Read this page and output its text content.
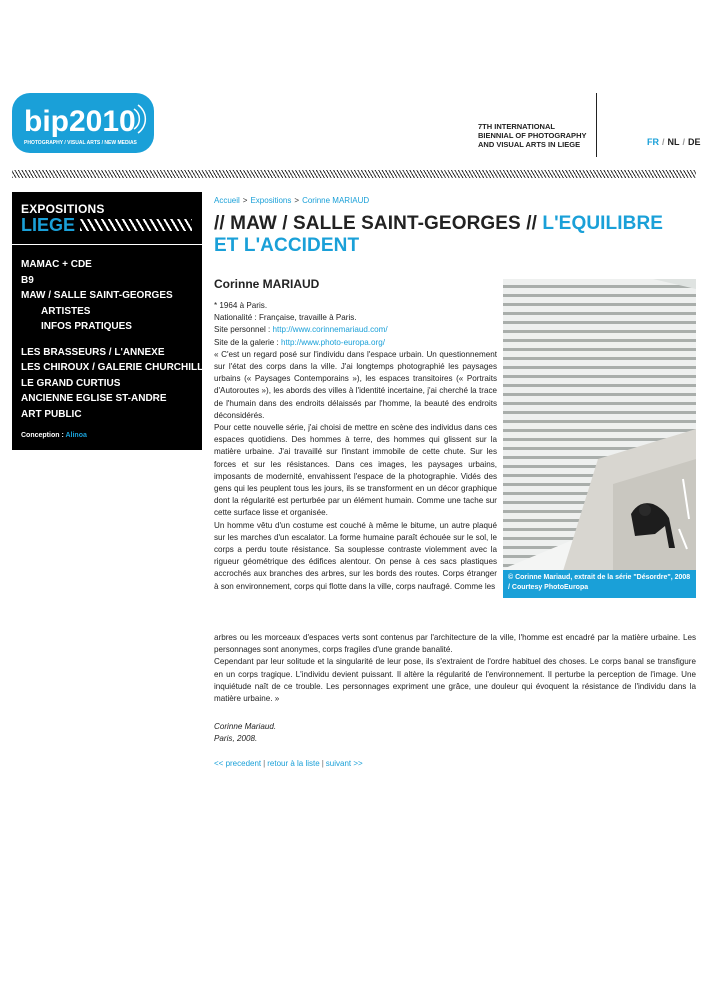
bip2010
PHOTOGRAPHY / VISUAL ARTS / NEW MEDIAS
7TH INTERNATIONAL
BIENNIAL OF PHOTOGRAPHY
AND VISUAL ARTS IN LIEGE	FR / NL / DE
EXPOSITIONS
LIEGE
MAMAC + CDE
B9
MAW / SALLE SAINT-GEORGES
ARTISTES
INFOS PRATIQUES
LES BRASSEURS / L'ANNEXE
LES CHIROUX / GALERIE CHURCHILL
LE GRAND CURTIUS
ANCIENNE EGLISE ST-ANDRE
ART PUBLIC
Conception : Alinoa
Accueil > Expositions > Corinne MARIAUD
// MAW / SALLE SAINT-GEORGES // L'EQUILIBRE ET L'ACCIDENT
Corinne MARIAUD
© Corinne Mariaud, extrait de la série "Désordre", 2008 / Courtesy PhotoEuropa
* 1964 à Paris.
Nationalité : Française, travaille à Paris.
Site personnel : http://www.corinnemariaud.com/
Site de la galerie : http://www.photo-europa.org/
« C'est un regard posé sur l'individu dans l'espace urbain. Un questionnement sur l'état des corps dans la ville. J'ai longtemps photographié les paysages urbains (« Paysages Contemporains »), les espaces transitoires (« Portraits d'Autoroutes »), les abords des villes à l'identité incertaine, j'ai cherché la trace de l'humain dans des endroits délaissés par l'homme, la beauté des endroits déconsidérés.
Pour cette nouvelle série, j'ai choisi de mettre en scène des individus dans ces espaces quotidiens. Des hommes à terre, des hommes qui glissent sur la matière urbaine. J'ai travaillé sur l'instant immobile de cette chute. Sur les forces et sur les résistances. Dans ces images, les paysages urbains, imposants de modernité, envahissent l'espace de la photographie. Vidés des gens qui les peuplent tous les jours, ils se transforment en un décor graphique dont la régularité est perturbée par un élément humain. Comme une tache sur cette surface lisse et organisée.
Un homme vêtu d'un costume est couché à même le bitume, un autre plaqué sur les marches d'un escalator. La forme humaine paraît échouée sur le sol, le corps a perdu toute résistance. Sa souplesse contraste violemment avec la rigueur géométrique des édifices alentour. On pense à ces sacs plastiques accrochés aux branches des arbres, sur les bords des routes. Corps étranger à son environnement, corps qui flotte dans la ville, corps naufragé. Comme les
arbres ou les morceaux d'espaces verts sont contenus par l'architecture de la ville, l'homme est encadré par la matière urbaine. Les personnages sont anonymes, corps fragiles d'une grande banalité.
Cependant par leur solitude et la singularité de leur pose, ils s'extraient de l'ordre habituel des choses. Le corps banal se transfigure en un corps tragique. L'individu devient puissant. Il altère la régularité de l'environnement. Il perturbe la perception de l'image. Une inquiétude naît de ce trouble. Les personnages expriment une grâce, une douleur qui évoquent la résistance de l'individu dans la matière urbaine. »
Corinne Mariaud.
Paris, 2008.
<< precedent | retour à la liste | suivant >>
